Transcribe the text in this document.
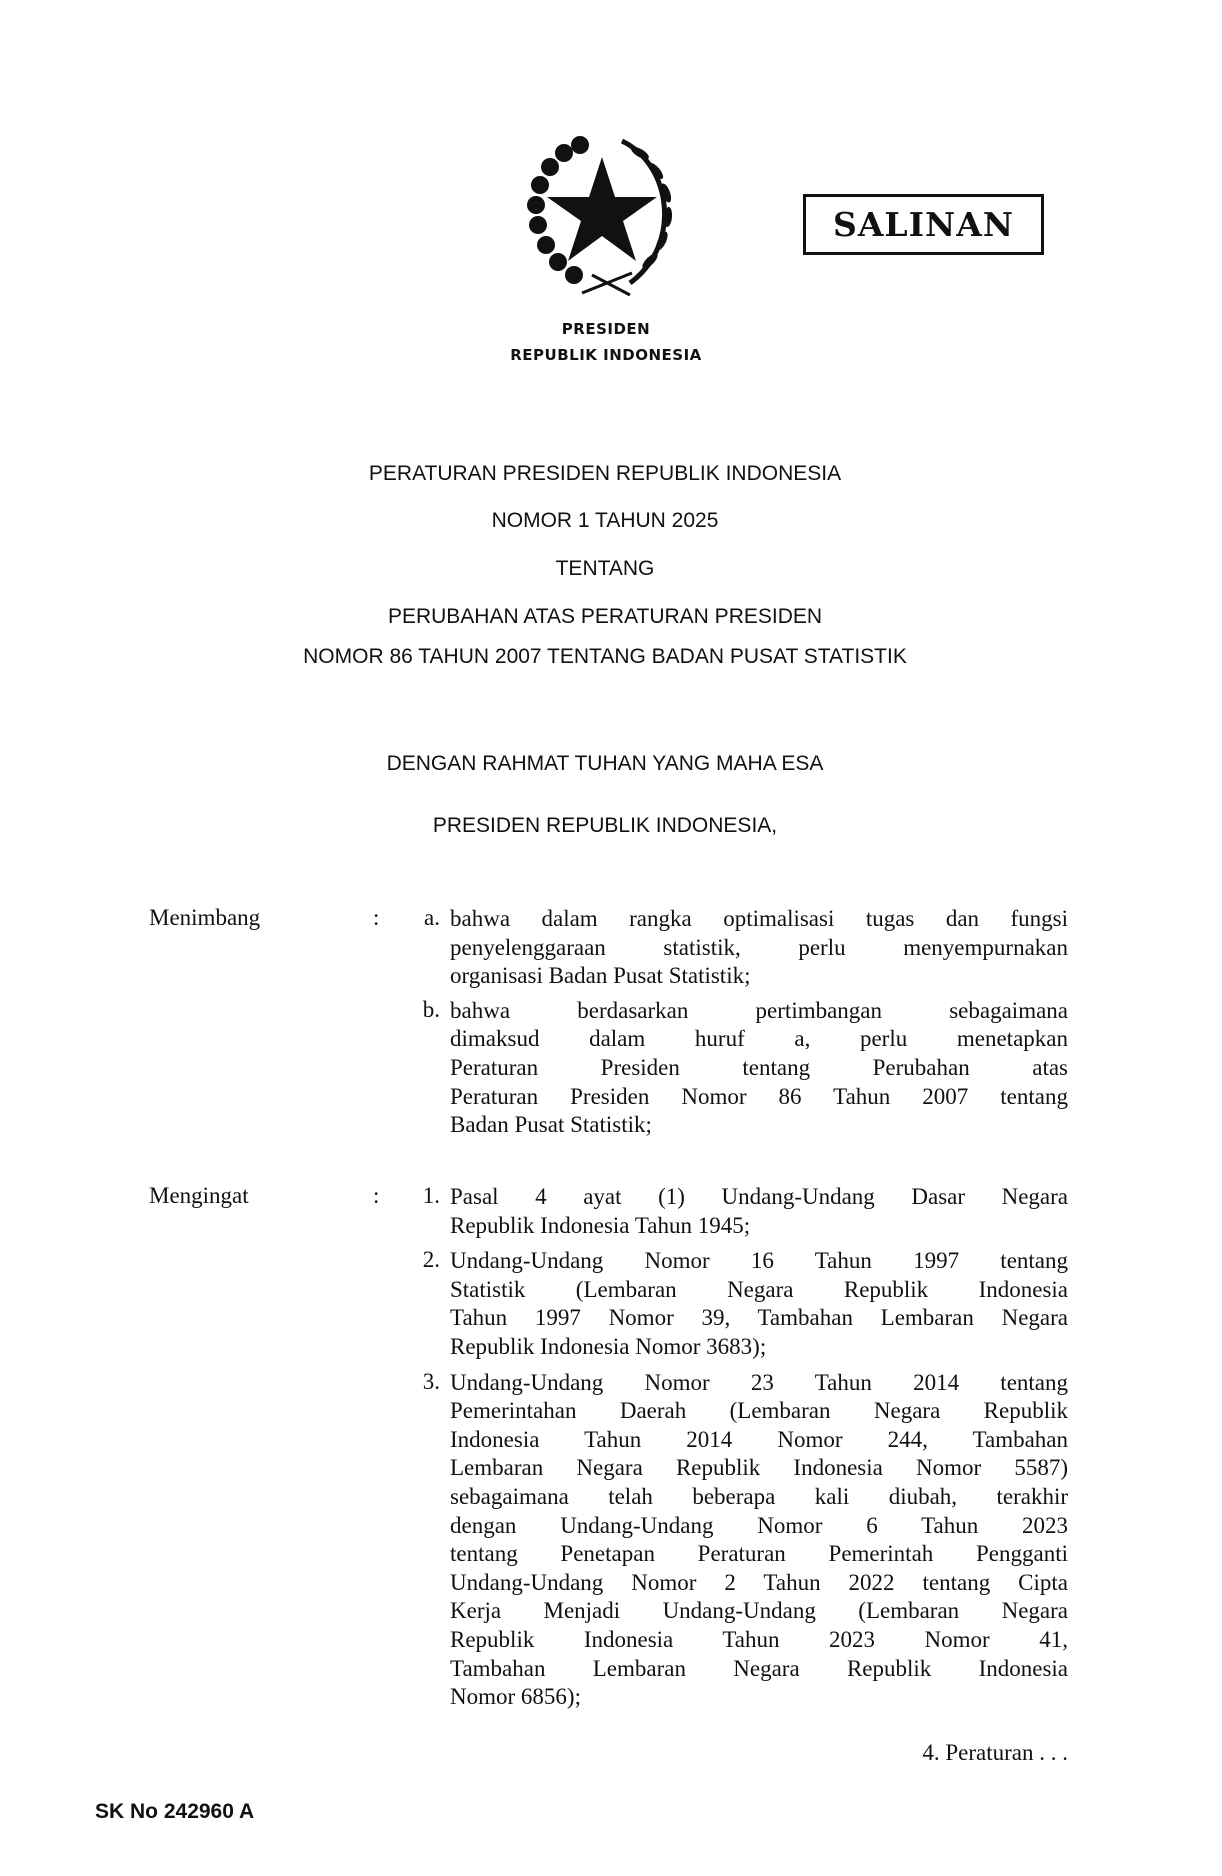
SALINAN
PRESIDEN
REPUBLIK INDONESIA
PERATURAN PRESIDEN REPUBLIK INDONESIA
NOMOR 1 TAHUN 2025
TENTANG
PERUBAHAN ATAS PERATURAN PRESIDEN
NOMOR 86 TAHUN 2007 TENTANG BADAN PUSAT STATISTIK
DENGAN RAHMAT TUHAN YANG MAHA ESA
PRESIDEN REPUBLIK INDONESIA,
Menimbang	:	a. bahwa dalam rangka optimalisasi tugas dan fungsi
penyelenggaraan statistik, perlu menyempurnakan
organisasi Badan Pusat Statistik;
b. bahwa berdasarkan pertimbangan sebagaimana
dimaksud dalam huruf a, perlu menetapkan
Peraturan Presiden tentang Perubahan atas
Peraturan Presiden Nomor 86 Tahun 2007 tentang
Badan Pusat Statistik;
Mengingat	:	1. Pasal 4 ayat (1) Undang-Undang Dasar Negara
Republik Indonesia Tahun 1945;
2. Undang-Undang Nomor 16 Tahun 1997 tentang
Statistik (Lembaran Negara Republik Indonesia
Tahun 1997 Nomor 39, Tambahan Lembaran Negara
Republik Indonesia Nomor 3683);
3. Undang-Undang Nomor 23 Tahun 2014 tentang
Pemerintahan Daerah (Lembaran Negara Republik
Indonesia Tahun 2014 Nomor 244, Tambahan
Lembaran Negara Republik Indonesia Nomor 5587)
sebagaimana telah beberapa kali diubah, terakhir
dengan Undang-Undang Nomor 6 Tahun 2023
tentang Penetapan Peraturan Pemerintah Pengganti
Undang-Undang Nomor 2 Tahun 2022 tentang Cipta
Kerja Menjadi Undang-Undang (Lembaran Negara
Republik Indonesia Tahun 2023 Nomor 41,
Tambahan Lembaran Negara Republik Indonesia
Nomor 6856);
4. Peraturan . . .
SK No 242960 A
